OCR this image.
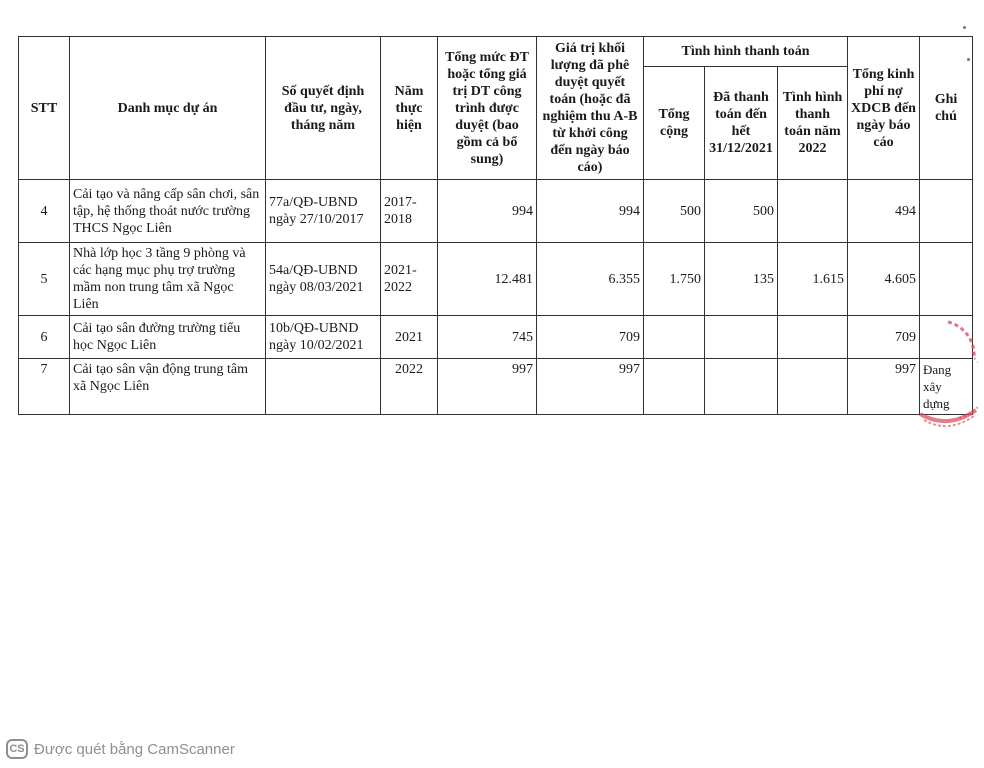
STT	Danh mục dự án	Số quyết định đầu tư, ngày, tháng năm	Năm thực hiện	Tổng mức ĐT hoặc tổng giá trị DT công trình được duyệt (bao gồm cả bổ sung)	Giá trị khối lượng đã phê duyệt quyết toán (hoặc đã nghiệm thu A-B từ khởi công đến ngày báo cáo)	Tình hình thanh toán			Tổng kinh phí nợ XDCB đến ngày báo cáo	Ghi chú
						Tổng cộng	Đã thanh toán đến hết 31/12/2021	Tình hình thanh toán năm 2022		
4	Cải tạo và nâng cấp sân chơi, sân tập, hệ thống thoát nước trường THCS Ngọc Liên	77a/QĐ-UBND ngày 27/10/2017	2017-2018	994	994	500	500		494	
5	Nhà lớp học 3 tầng 9 phòng và các hạng mục phụ trợ trường mầm non trung tâm xã Ngọc Liên	54a/QĐ-UBND ngày 08/03/2021	2021-2022	12.481	6.355	1.750	135	1.615	4.605	
6	Cải tạo sân đường trường tiểu học Ngọc Liên	10b/QĐ-UBND ngày 10/02/2021	2021	745	709				709	
7	Cải tạo sân vận động trung tâm xã Ngọc Liên		2022	997	997				997	Đang xây dựng
CS Được quét bằng CamScanner
